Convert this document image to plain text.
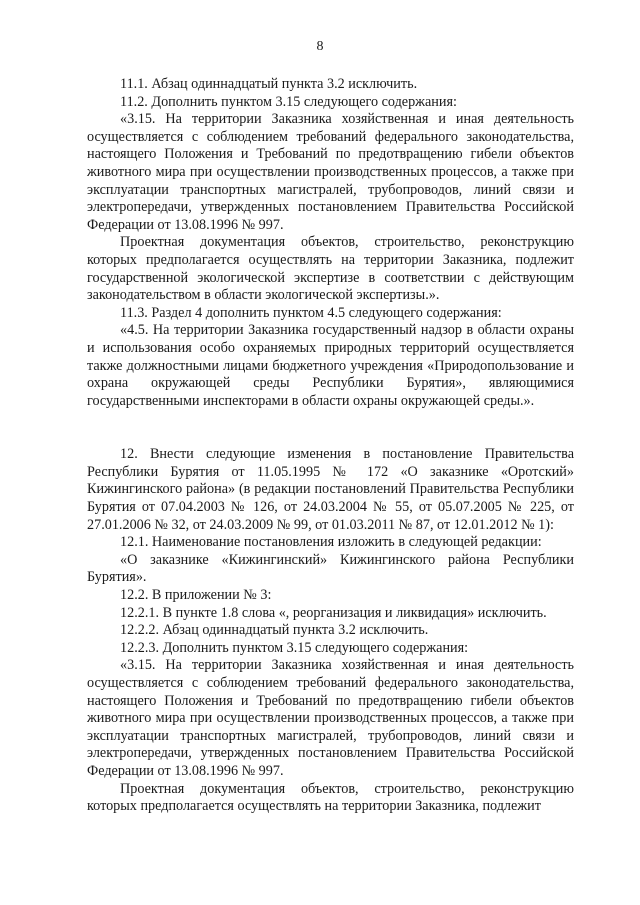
8

11.1. Абзац одиннадцатый пункта 3.2 исключить.

11.2. Дополнить пунктом 3.15 следующего содержания:

«3.15. На территории Заказника хозяйственная и иная деятельность осуществляется с соблюдением требований федерального законодательства, настоящего Положения и Требований по предотвращению гибели объектов животного мира при осуществлении производственных процессов, а также при эксплуатации транспортных магистралей, трубопроводов, линий связи и электропередачи, утвержденных постановлением Правительства Российской Федерации от 13.08.1996 № 997.

Проектная документация объектов, строительство, реконструкцию которых предполагается осуществлять на территории Заказника, подлежит государственной экологической экспертизе в соответствии с действующим законодательством в области экологической экспертизы.».

11.3. Раздел 4 дополнить пунктом 4.5 следующего содержания:

«4.5. На территории Заказника государственный надзор в области охраны и использования особо охраняемых природных территорий осуществляется также должностными лицами бюджетного учреждения «Природопользование и охрана окружающей среды Республики Бурятия», являющимися государственными инспекторами в области охраны окружающей среды.».

12. Внести следующие изменения в постановление Правительства Республики Бурятия от 11.05.1995 № 172 «О заказнике «Оротский» Кижингинского района» (в редакции постановлений Правительства Республики Бурятия от 07.04.2003 № 126, от 24.03.2004 № 55, от 05.07.2005 № 225, от 27.01.2006 № 32, от 24.03.2009 № 99, от 01.03.2011 № 87, от 12.01.2012 № 1):

12.1. Наименование постановления изложить в следующей редакции:

«О заказнике «Кижингинский» Кижингинского района Республики Бурятия».

12.2. В приложении № 3:

12.2.1. В пункте 1.8 слова «, реорганизация и ликвидация» исключить.

12.2.2. Абзац одиннадцатый пункта 3.2 исключить.

12.2.3. Дополнить пунктом 3.15 следующего содержания:

«3.15. На территории Заказника хозяйственная и иная деятельность осуществляется с соблюдением требований федерального законодательства, настоящего Положения и Требований по предотвращению гибели объектов животного мира при осуществлении производственных процессов, а также при эксплуатации транспортных магистралей, трубопроводов, линий связи и электропередачи, утвержденных постановлением Правительства Российской Федерации от 13.08.1996 № 997.

Проектная документация объектов, строительство, реконструкцию которых предполагается осуществлять на территории Заказника, подлежит
